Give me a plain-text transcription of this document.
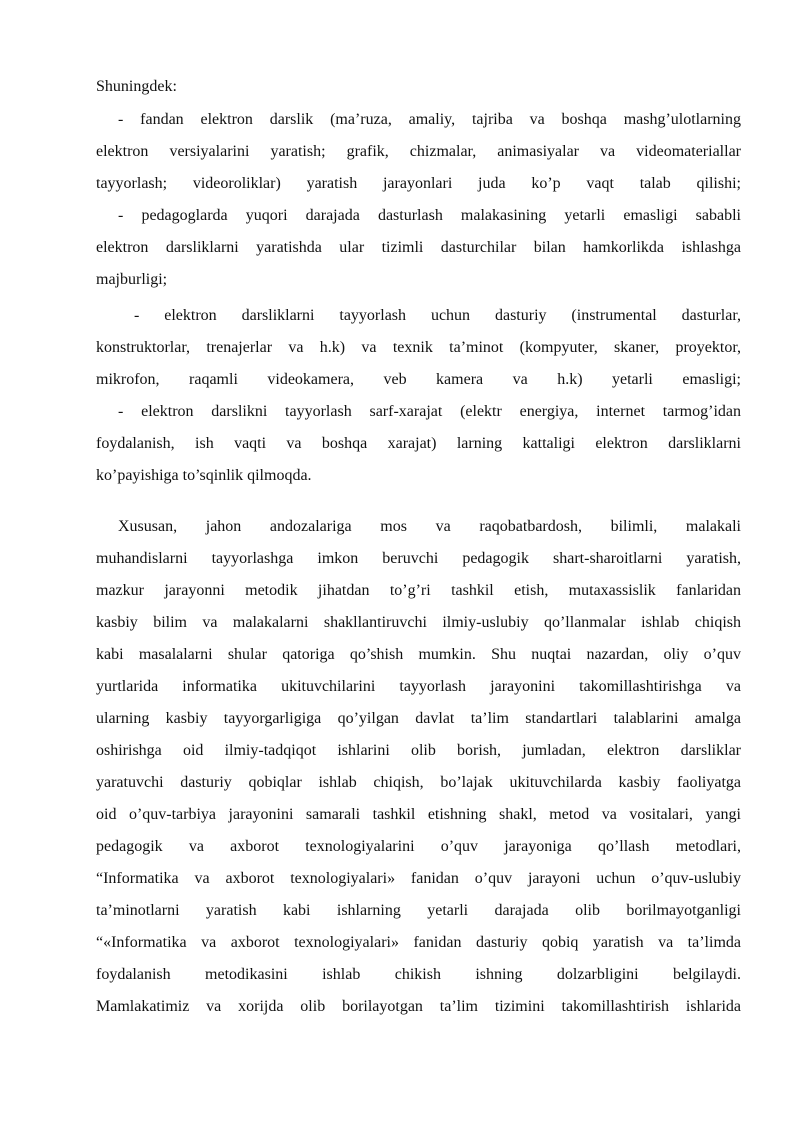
Shuningdek:
- fandan elektron darslik (ma’ruza, amaliy, tajriba va boshqa mashg’ulotlarning
elektron versiyalarini yaratish; grafik, chizmalar, animasiyalar va videomateriallar
tayyorlash; videoroliklar) yaratish jarayonlari juda ko’p vaqt talab qilishi;
- pedagoglarda yuqori darajada dasturlash malakasining yetarli emasligi sababli
elektron darsliklarni yaratishda ular tizimli dasturchilar bilan hamkorlikda ishlashga
majburligi;
- elektron darsliklarni tayyorlash uchun dasturiy (instrumental dasturlar,
konstruktorlar, trenajerlar va h.k) va texnik ta’minot (kompyuter, skaner, proyektor,
mikrofon, raqamli videokamera, veb kamera va h.k) yetarli emasligi;
- elektron darslikni tayyorlash sarf-xarajat (elektr energiya, internet tarmog’idan
foydalanish, ish vaqti va boshqa xarajat) larning kattaligi elektron darsliklarni
ko’payishiga to’sqinlik qilmoqda.
Xususan, jahon andozalariga mos va raqobatbardosh, bilimli, malakali
muhandislarni tayyorlashga imkon beruvchi pedagogik shart-sharoitlarni yaratish,
mazkur jarayonni metodik jihatdan to’g’ri tashkil etish, mutaxassislik fanlaridan
kasbiy bilim va malakalarni shakllantiruvchi ilmiy-uslubiy qo’llanmalar ishlab chiqish
kabi masalalarni shular qatoriga qo’shish mumkin. Shu nuqtai nazardan, oliy o’quv
yurtlarida informatika ukituvchilarini tayyorlash jarayonini takomillashtirishga va
ularning kasbiy tayyorgarligiga qo’yilgan davlat ta’lim standartlari talablarini amalga
oshirishga oid ilmiy-tadqiqot ishlarini olib borish, jumladan, elektron darsliklar
yaratuvchi dasturiy qobiqlar ishlab chiqish, bo’lajak ukituvchilarda kasbiy faoliyatga
oid o’quv-tarbiya jarayonini samarali tashkil etishning shakl, metod va vositalari, yangi
pedagogik va axborot texnologiyalarini o’quv jarayoniga qo’llash metodlari,
“Informatika va axborot texnologiyalari» fanidan o’quv jarayoni uchun o’quv-uslubiy
ta’minotlarni yaratish kabi ishlarning yetarli darajada olib borilmayotganligi
“«Informatika va axborot texnologiyalari» fanidan dasturiy qobiq yaratish va ta’limda
foydalanish metodikasini ishlab chikish ishning dolzarbligini belgilaydi.
Mamlakatimiz va xorijda olib borilayotgan ta’lim tizimini takomillashtirish ishlarida
